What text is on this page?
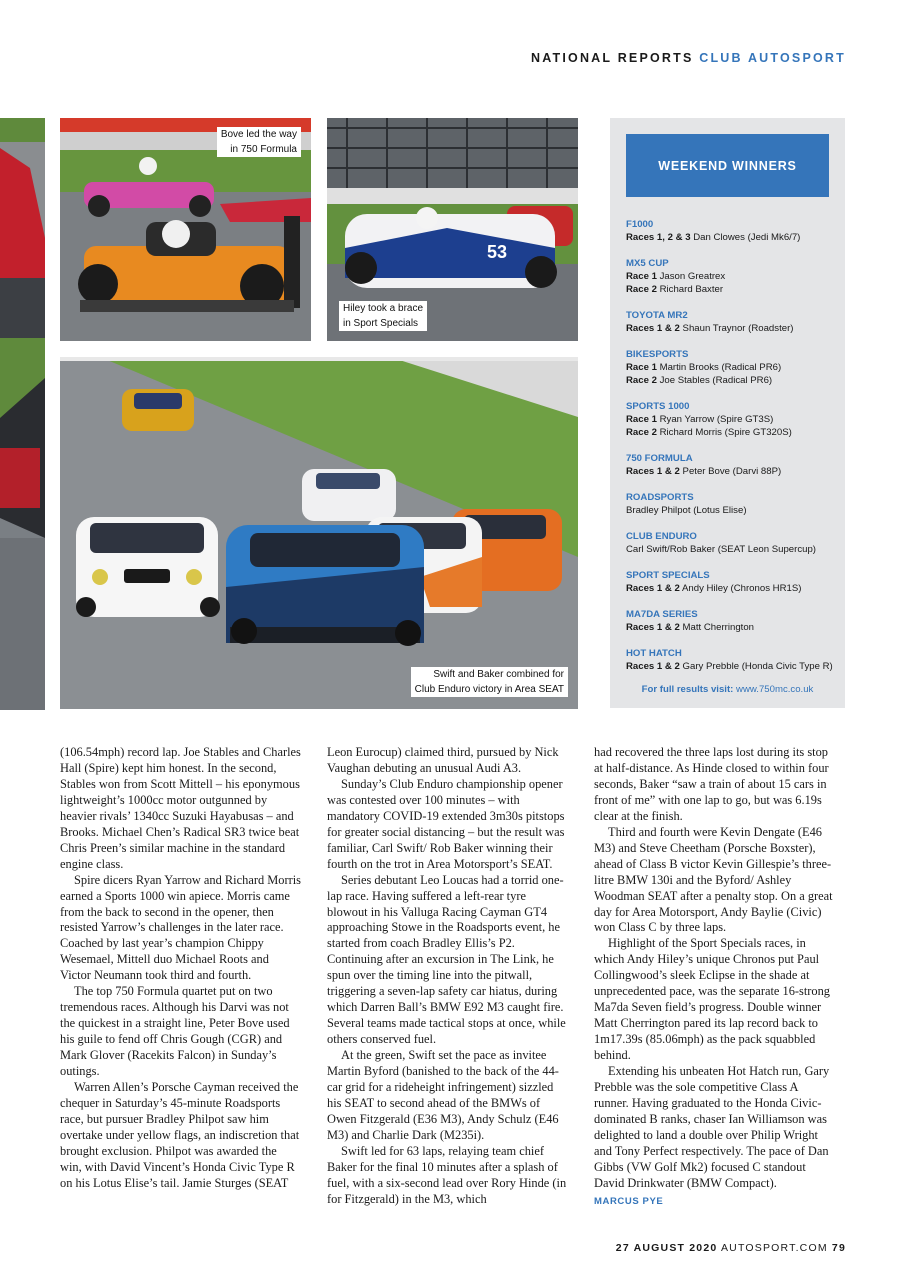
NATIONAL REPORTS CLUB AUTOSPORT
Bove led the way
in 750 Formula
53
Hiley took a brace
in Sport Specials
Swift and Baker combined for
Club Enduro victory in Area SEAT
WEEKEND WINNERS
F1000
Races 1, 2 & 3 Dan Clowes (Jedi Mk6/7)
MX5 CUP
Race 1 Jason Greatrex
Race 2 Richard Baxter
TOYOTA MR2
Races 1 & 2 Shaun Traynor (Roadster)
BIKESPORTS
Race 1 Martin Brooks (Radical PR6)
Race 2 Joe Stables (Radical PR6)
SPORTS 1000
Race 1 Ryan Yarrow (Spire GT3S)
Race 2 Richard Morris (Spire GT320S)
750 FORMULA
Races 1 & 2 Peter Bove (Darvi 88P)
ROADSPORTS
Bradley Philpot (Lotus Elise)
CLUB ENDURO
Carl Swift/Rob Baker (SEAT Leon Supercup)
SPORT SPECIALS
Races 1 & 2 Andy Hiley (Chronos HR1S)
MA7DA SERIES
Races 1 & 2 Matt Cherrington
HOT HATCH
Races 1 & 2 Gary Prebble (Honda Civic Type R)
For full results visit: www.750mc.co.uk

(106.54mph) record lap. Joe Stables and Charles Hall (Spire) kept him honest. In the second, Stables won from Scott Mittell – his eponymous lightweight’s 1000cc motor outgunned by heavier rivals’ 1340cc Suzuki Hayabusas – and Brooks. Michael Chen’s Radical SR3 twice beat Chris Preen’s similar machine in the standard engine class.

Spire dicers Ryan Yarrow and Richard Morris earned a Sports 1000 win apiece. Morris came from the back to second in the opener, then resisted Yarrow’s challenges in the later race. Coached by last year’s champion Chippy Wesemael, Mittell duo Michael Roots and Victor Neumann took third and fourth.

The top 750 Formula quartet put on two tremendous races. Although his Darvi was not the quickest in a straight line, Peter Bove used his guile to fend off Chris Gough (CGR) and Mark Glover (Racekits Falcon) in Sunday’s outings.

Warren Allen’s Porsche Cayman received the chequer in Saturday’s 45-minute Roadsports race, but pursuer Bradley Philpot saw him overtake under yellow flags, an indiscretion that brought exclusion. Philpot was awarded the win, with David Vincent’s Honda Civic Type R on his Lotus Elise’s tail. Jamie Sturges (SEAT

Leon Eurocup) claimed third, pursued by Nick Vaughan debuting an unusual Audi A3.

Sunday’s Club Enduro championship opener was contested over 100 minutes – with mandatory COVID-19 extended 3m30s pitstops for greater social distancing – but the result was familiar, Carl Swift/ Rob Baker winning their fourth on the trot in Area Motorsport’s SEAT.

Series debutant Leo Loucas had a torrid one-lap race. Having suffered a left-rear tyre blowout in his Valluga Racing Cayman GT4 approaching Stowe in the Roadsports event, he started from coach Bradley Ellis’s P2. Continuing after an excursion in The Link, he spun over the timing line into the pitwall, triggering a seven-lap safety car hiatus, during which Darren Ball’s BMW E92 M3 caught fire. Several teams made tactical stops at once, while others conserved fuel.

At the green, Swift set the pace as invitee Martin Byford (banished to the back of the 44-car grid for a rideheight infringement) sizzled his SEAT to second ahead of the BMWs of Owen Fitzgerald (E36 M3), Andy Schulz (E46 M3) and Charlie Dark (M235i).

Swift led for 63 laps, relaying team chief Baker for the final 10 minutes after a splash of fuel, with a six-second lead over Rory Hinde (in for Fitzgerald) in the M3, which

had recovered the three laps lost during its stop at half-distance. As Hinde closed to within four seconds, Baker “saw a train of about 15 cars in front of me” with one lap to go, but was 6.19s clear at the finish.

Third and fourth were Kevin Dengate (E46 M3) and Steve Cheetham (Porsche Boxster), ahead of Class B victor Kevin Gillespie’s three-litre BMW 130i and the Byford/ Ashley Woodman SEAT after a penalty stop. On a great day for Area Motorsport, Andy Baylie (Civic) won Class C by three laps.

Highlight of the Sport Specials races, in which Andy Hiley’s unique Chronos put Paul Collingwood’s sleek Eclipse in the shade at unprecedented pace, was the separate 16-strong Ma7da Seven field’s progress. Double winner Matt Cherrington pared its lap record back to 1m17.39s (85.06mph) as the pack squabbled behind.

Extending his unbeaten Hot Hatch run, Gary Prebble was the sole competitive Class A runner. Having graduated to the Honda Civic-dominated B ranks, chaser Ian Williamson was delighted to land a double over Philip Wright and Tony Perfect respectively. The pace of Dan Gibbs (VW Golf Mk2) focused C standout David Drinkwater (BMW Compact).

MARCUS PYE
27 AUGUST 2020 AUTOSPORT.COM 79
